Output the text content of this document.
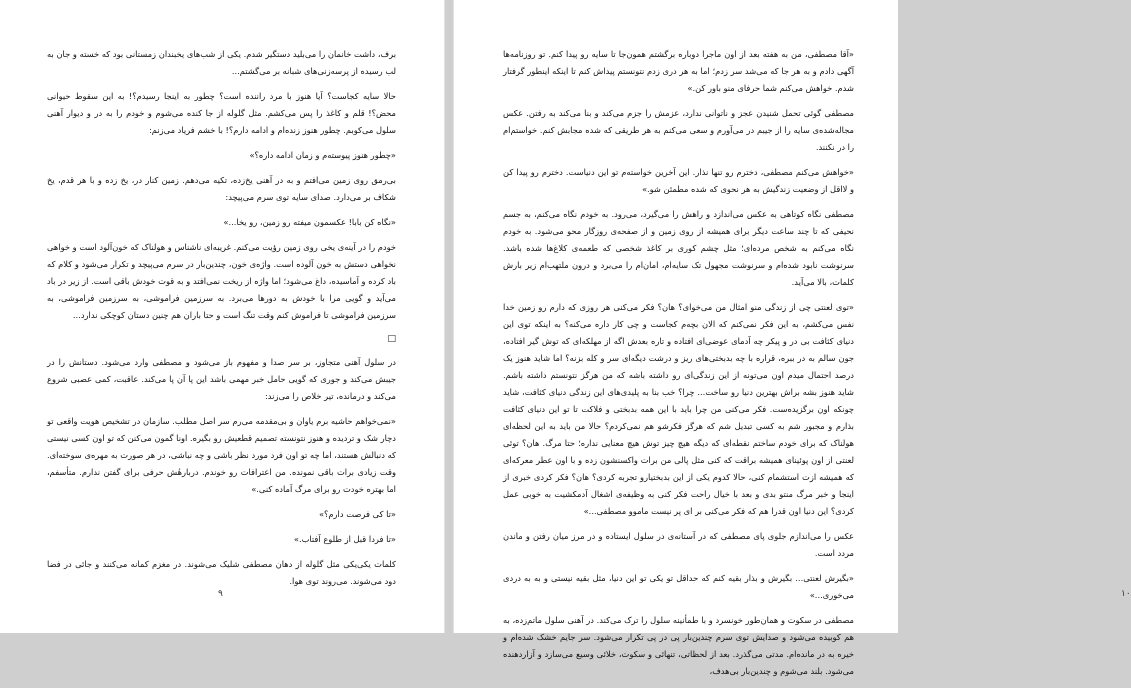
برف، داشت خانمان را می‌بلید دستگیر شدم. یکی از شب‌های یخبندان زمستانی بود که خسته و جان به لب رسیده از پرسه‌زنی‌های شبانه بر می‌گشتم...

حالا سایه کجاست؟ آیا هنوز با مرد راننده است؟ چطور به اینجا رسیدم؟! به این سقوط حیوانی محض؟! قلم و کاغذ را پس می‌کشم. مثل گلوله از جا کنده می‌شوم و خودم را به در و دیوار آهنی سلول می‌کوبم. چطور هنوز زنده‌ام و ادامه دارم؟! با خشم فریاد می‌زنم:

«چطور هنوز پیوسته‌م و زمان ادامه داره؟»

بی‌رمق روی زمین می‌افتم و به در آهنی یخ‌زده، تکیه می‌دهم. زمین کنار در، یخ زده و با هر قدم، یخ شکاف بر می‌دارد. صدای سایه توی سرم می‌پیچد:

«نگاه کن بابا! عکسمون میفته رو زمین، رو یخا...»

خودم را در آینه‌ی یخی روی زمین رؤیت می‌کنم. غریبه‌ای ناشناس و هولناک که خون‌آلود است و خواهی نخواهی دستش به خون آلوده است. واژه‌ی خون، چندین‌بار در سرم می‌پیچد و تکرار می‌شود و کلام که باد کرده و آماسیده، داغ می‌شود؛ اما واژه از ریخت نمی‌افتد و به قوت خودش باقی است. از زیر در باد می‌آید و گویی مرا با خودش به دورها می‌برد. به سرزمین فراموشی، به سرزمین فراموشی، به سرزمین فراموشی تا فراموش کنم وقت تنگ است و حتا باران هم چنین دستان کوچکی ندارد...

□

در سلول آهنی متجاوز، بر سر صدا و مفهوم باز می‌شود و مصطفی وارد می‌شود. دستانش را در جیبش می‌کند و جوری که گویی حامل خبر مهمی باشد این پا آن پا می‌کند. عاقبت، کمی عصبی شروع می‌کند و درمانده، تیر خلاص را می‌زند:

«نمی‌خواهم حاشیه برم یاوان و بی‌مقدمه می‌رم سر اصل مطلب. سازمان در تشخیص هویت واقعی تو دچار شک و تردیده و هنوز نتونسته تصمیم قطعیش رو بگیره. اونا گمون می‌کنن که تو اون کسی نیستی که دنبالش هستند، اما چه تو اون فرد مورد نظر باشی و چه نباشی، در هر صورت به مهره‌ی سوخته‌ای. وقت زیادی برات باقی نمونده. من اعترافات رو خوندم. دربارهٔش حرفی برای گفتن ندارم. متأسفم، اما بهتره خودت رو برای مرگ آماده کنی.»

«تا کی فرصت دارم؟»

«تا فردا قبل از طلوع آفتاب.»

کلمات یکی‌یکی مثل گلوله از دهان مصطفی شلیک می‌شوند. در مغزم کمانه می‌کنند و جائی در فضا دود می‌شوند. می‌روند توی هوا.

۹

«آقا مصطفی، من به هفته بعد از اون ماجرا دوباره برگشتم همون‌جا تا سایه رو پیدا کنم. تو روزنامه‌ها آگهی دادم و به هر جا که می‌شد سر زدم؛ اما به هر دری زدم نتونستم پیداش کنم تا اینکه اینطور گرفتار شدم. خواهش می‌کنم شما حرفای منو باور کن.»

مصطفی گوئی تحمل شنیدن عجز و ناتوانی ندارد، عزمش را جزم می‌کند و بنا می‌کند به رفتن. عکس مجاله‌شده‌ی سایه را از جیبم در می‌آورم و سعی می‌کنم به هر طریقی که شده مجابش کنم. خواستم‌ام را در نکنند.

«خواهش می‌کنم مصطفی، دخترم رو تنها نذار. این آخرین خواسته‌م تو این دنیاست. دخترم رو پیدا کن و لااقل از وضعیت زندگیش به هر نحوی که شده مطمئن شو.»

مصطفی نگاه کوتاهی به عکس می‌اندازد و راهش را می‌گیرد، می‌رود. به خودم نگاه می‌کنم، به جسم نحیفی که تا چند ساعت دیگر برای همیشه از روی زمین و از صفحه‌ی روزگار محو می‌شود. به خودم نگاه می‌کنم به شخص مرده‌ای؛ مثل چشم کوری بر کاغذ شخصی که طعمه‌ی کلاغ‌ها شده باشد. سرنوشت نابود شده‌ام و سرنوشت مجهول تک سایه‌ام، امان‌ام را می‌برد و درون ملتهب‌ام زیر بارش کلمات، بالا می‌آید.

«توی لعنتی چی از زندگی منو امثال من می‌خوای؟ هان؟ فکر می‌کنی هر روزی که دارم رو زمین خدا نفس می‌کشم، به این فکر نمی‌کنم که الان بچه‌م کجاست و چی کار داره می‌کنه؟ به اینکه توی این دنیای کثافت بی در و پیکر چه آدمای عوضی‌ای افتاده و تاره بعدش اگه از مهلکه‌ای که توش گیر افتاده، جون سالم به در ببره، قراره با چه بدبختی‌های ریز و درشت دیگه‌ای سر و کله بزنه؟ اما شاید هنوز یک درصد احتمال میدم اون می‌تونه از این زندگی‌ای رو داشته باشه که من هرگز نتونستم داشته باشم. شاید هنوز بشه براش بهترین دنیا رو ساخت... چرا؟ خب بنا به پلیدی‌های این زندگی دنیای کثافت، شاید چونکه اون برگزیده‌ست. فکر می‌کنی من چرا باید با این همه بدبختی و فلاکت تا تو این دنیای کثافت بذارم و مجبور شم به کسی تبدیل شم که هرگز فکرشو هم نمی‌کردم؟ حالا من باید به این لحظه‌ای هولناک که برای خودم ساختم نقطه‌ای که دیگه هیچ چیز توش هیچ معنایی نداره؛ حتا مرگ. هان؟ توئی لعنتی از اون پوئینای همیشه براقت که کنی مثل پالی من برات واکسنشون زده و با اون عطر معرکه‌ای که همیشه ازت استشمام کنی، حالا کدوم یکی از این بدبختیارو تجربه کردی؟ هان؟ فکر کردی خبری از اینجا و خبر مرگ منتو بدی و بعد با خیال راحت فکر کنی به وظیفه‌ی اشغال آدمکشیت به خوبی عمل کردی؟ این دنیا اون قدرا هم که فکر می‌کنی بر ای پر نیست ماموو مصطفی...»

عکس را می‌اندازم جلوی پای مصطفی که در آستانه‌ی در سلول ایستاده و در مرز میان رفتن و ماندن مردد است.

«بگیرش لعنتی... بگیرش و بذار بقیه کنم که حداقل تو یکی تو این دنیا، مثل بقیه نیستی و به به دردی می‌خوری...»

مصطفی در سکوت و همان‌طور خونسرد و با طمأنینه سلول را ترک می‌کند. در آهنی سلول ماتم‌زده، به هم کوبیده می‌شود و صدایش توی سرم چندین‌بار پی در پی تکرار می‌شود. سر جایم خشک شده‌ام و خیره به در مانده‌ام. مدتی می‌گذرد. بعد از لحظاتی، تنهائی و سکوت، خلائی وسیع می‌سازد و آزاردهنده می‌شود. بلند می‌شوم و چندین‌بار بی‌هدف،

۱۰
